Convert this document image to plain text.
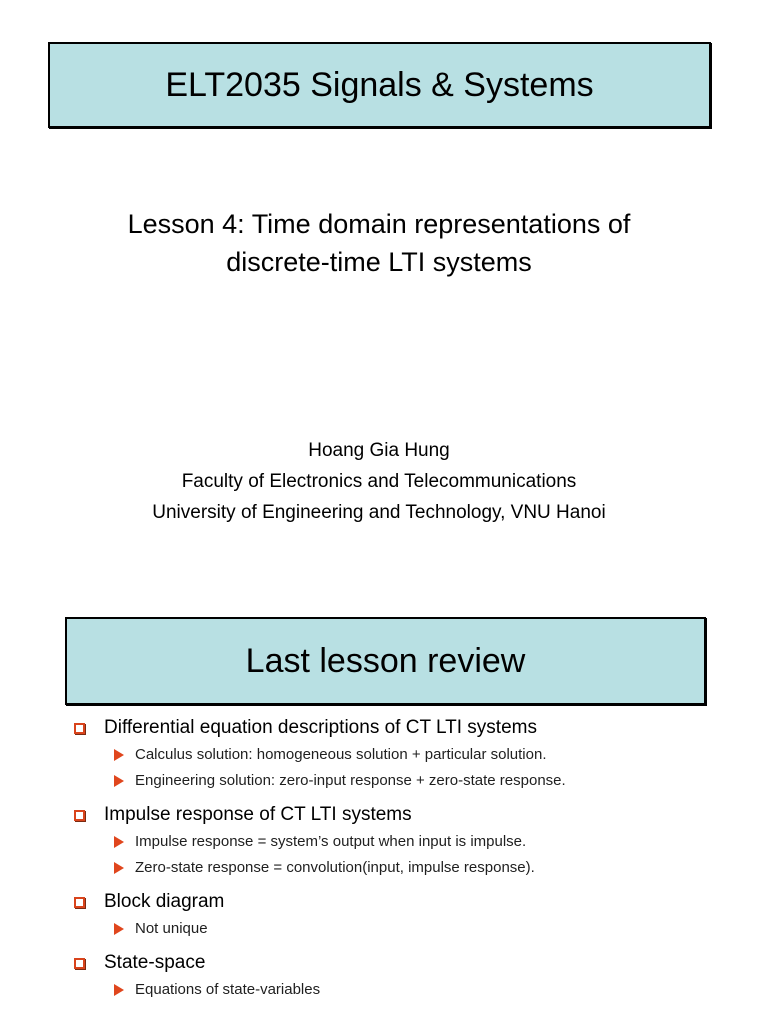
ELT2035 Signals & Systems
Lesson 4: Time domain representations of
discrete-time LTI systems
Hoang Gia Hung
Faculty of Electronics and Telecommunications
University of Engineering and Technology, VNU Hanoi
Last lesson review
Differential equation descriptions of CT LTI systems
Calculus solution: homogeneous solution + particular solution.
Engineering solution: zero-input response + zero-state response.
Impulse response of CT LTI systems
Impulse response = system’s output when input is impulse.
Zero-state response = convolution(input, impulse response).
Block diagram
Not unique
State-space
Equations of state-variables
